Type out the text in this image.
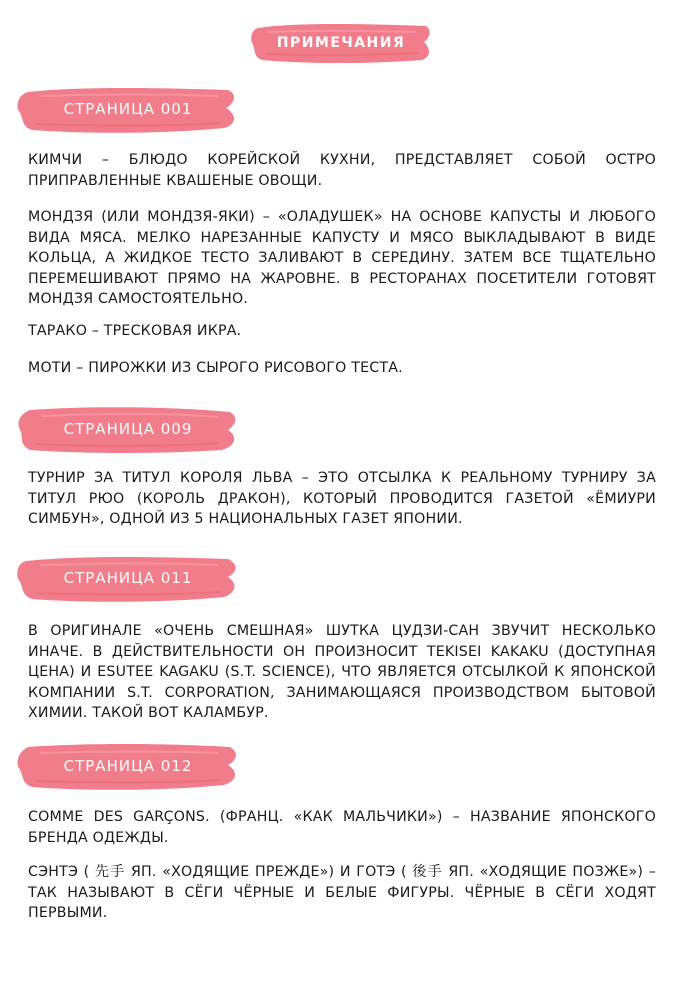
ПРИМЕЧАНИЯ
СТРАНИЦА 001

КИМЧИ – БЛЮДО КОРЕЙСКОЙ КУХНИ, ПРЕДСТАВЛЯЕТ СОБОЙ ОСТРО ПРИПРАВЛЕННЫЕ КВАШЕНЫЕ ОВОЩИ.

МОНДЗЯ (ИЛИ МОНДЗЯ-ЯКИ) – «ОЛАДУШЕК» НА ОСНОВЕ КАПУСТЫ И ЛЮБОГО ВИДА МЯСА. МЕЛКО НАРЕЗАННЫЕ КАПУСТУ И МЯСО ВЫКЛАДЫВАЮТ В ВИДЕ КОЛЬЦА, А ЖИДКОЕ ТЕСТО ЗАЛИВАЮТ В СЕРЕДИНУ. ЗАТЕМ ВСЕ ТЩАТЕЛЬНО ПЕРЕМЕШИВАЮТ ПРЯМО НА ЖАРОВНЕ. В РЕСТОРАНАХ ПОСЕТИТЕЛИ ГОТОВЯТ МОНДЗЯ САМОСТОЯТЕЛЬНО.

ТАРАКО – ТРЕСКОВАЯ ИКРА.

МОТИ – ПИРОЖКИ ИЗ СЫРОГО РИСОВОГО ТЕСТА.

СТРАНИЦА 009

ТУРНИР ЗА ТИТУЛ КОРОЛЯ ЛЬВА – ЭТО ОТСЫЛКА К РЕАЛЬНОМУ ТУРНИРУ ЗА ТИТУЛ РЮО (КОРОЛЬ ДРАКОН), КОТОРЫЙ ПРОВОДИТСЯ ГАЗЕТОЙ «ЁМИУРИ СИМБУН», ОДНОЙ ИЗ 5 НАЦИОНАЛЬНЫХ ГАЗЕТ ЯПОНИИ.

СТРАНИЦА 011

В ОРИГИНАЛЕ «ОЧЕНЬ СМЕШНАЯ» ШУТКА ЦУДЗИ-САН ЗВУЧИТ НЕСКОЛЬКО ИНАЧЕ. В ДЕЙСТВИТЕЛЬНОСТИ ОН ПРОИЗНОСИТ TEKISEI KAKAKU (ДОСТУПНАЯ ЦЕНА) И ESUTEE KAGAKU (S.T. SCIENCE), ЧТО ЯВЛЯЕТСЯ ОТСЫЛКОЙ К ЯПОНСКОЙ КОМПАНИИ S.T. CORPORATION, ЗАНИМАЮЩАЯСЯ ПРОИЗВОДСТВОМ БЫТОВОЙ ХИМИИ. ТАКОЙ ВОТ КАЛАМБУР.

СТРАНИЦА 012

COMME DES GARÇONS. (ФРАНЦ. «КАК МАЛЬЧИКИ») – НАЗВАНИЕ ЯПОНСКОГО БРЕНДА ОДЕЖДЫ.

СЭНТЭ ( 先手 ЯП. «ХОДЯЩИЕ ПРЕЖДЕ») И ГОТЭ ( 後手 ЯП. «ХОДЯЩИЕ ПОЗЖЕ») – ТАК НАЗЫВАЮТ В СЁГИ ЧЁРНЫЕ И БЕЛЫЕ ФИГУРЫ. ЧЁРНЫЕ В СЁГИ ХОДЯТ ПЕРВЫМИ.
